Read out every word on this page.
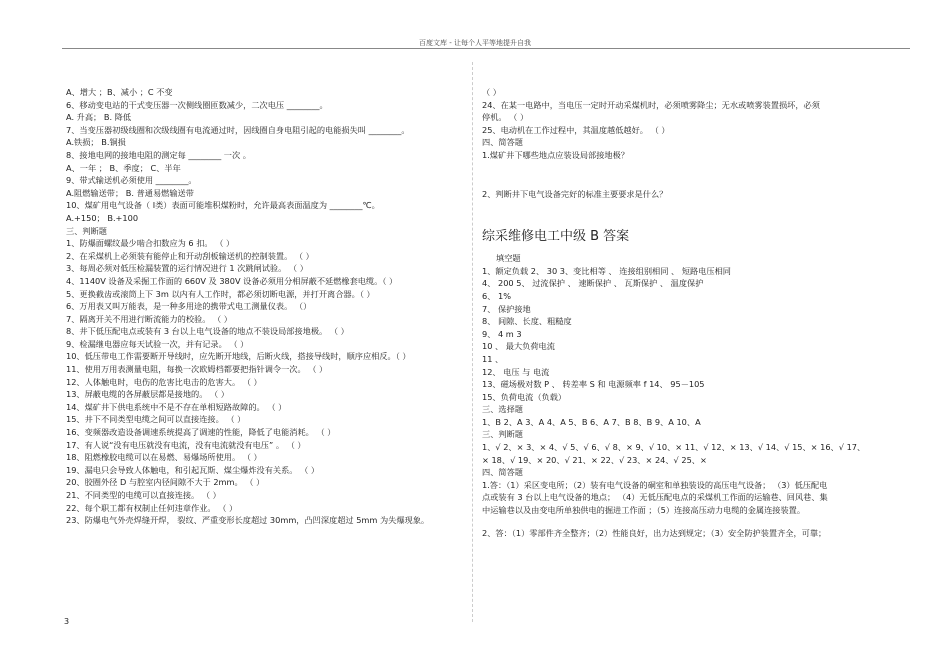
百度文库 - 让每个人平等地提升自我
A、增大 ；B、减小 ；C 不变
6、移动变电站的干式变压器一次侧线圈匝数减少，二次电压 ________。
A. 升高； B. 降低
7、当变压器初级线圈和次级线圈有电流通过时，因线圈自身电阻引起的电能损失叫 ________。
A.铁损； B.铜损
8、接地电网的接地电阻的测定每 ________ 一次 。
A、一年 ； B、季度； C、半年
9、带式输送机必须使用 ________。
A.阻燃输送带； B. 普通易燃输送带
10、煤矿用电气设备（ Ⅰ类）表面可能堆积煤粉时，允许最高表面温度为 ________℃。
A.+150； B.+100
三、判断题
1、防爆面螺纹最少啮合扣数应为 6 扣。 （ ）
2、在采煤机上必须装有能停止和开动刮板输送机的控制装置。 （ ）
3、每周必须对低压检漏装置的运行情况进行 1 次跳闸试验。 （ ）
4、1140V 设备及采掘工作面的 660V 及 380V 设备必须用分相屏蔽不延燃橡套电缆。（ ）
5、更换截齿或滚筒上下 3m 以内有人工作时，都必须切断电源，并打开离合器。（ ）
6、万用表又叫万能表，是一种多用途的携带式电工测量仪表。 （）
7、隔离开关不用进行断流能力的校验。 （ ）
8、井下低压配电点或装有 3 台以上电气设备的地点不装设局部接地极。 （ ）
9、检漏继电器应每天试验一次，并有记录。 （ ）
10、低压带电工作需要断开导线时，应先断开地线，后断火线，搭接导线时，顺序应相反。（ ）
11、使用万用表测量电阻，每换一次欧姆档都要把指针调令一次。 （ ）
12、人体触电时，电伤的危害比电击的危害大。 （ ）
13、屏蔽电缆的各屏蔽层都是接地的。 （ ）
14、煤矿井下供电系统中不是不存在单相短路故障的。 （ ）
15、井下不同类型电缆之间可以直接连接。 （ ）
16、变频器改造设备调速系统提高了调速的性能，降低了电能消耗。 （ ）
17、有人说“没有电压就没有电流，没有电流就没有电压” 。 （ ）
18、阻燃橡胶电缆可以在易燃、易爆场所使用。 （ ）
19、漏电只会导致人体触电，和引起瓦斯、煤尘爆炸没有关系。 （ ）
20、胶圈外径 D 与腔室内径间隙不大于 2mm。 （ ）
21、不同类型的电缆可以直接连接。 （ ）
22、每个职工都有权制止任何违章作业。 （ ）
23、防爆电气外壳焊缝开焊， 裂纹、严重变形长度超过 30mm，凸凹深度超过 5mm 为失爆现象。
（ ）
24、在某一电路中，当电压一定时开动采煤机时，必须喷雾降尘；无水或喷雾装置损坏，必须
停机。 （ ）
25、电动机在工作过程中，其温度越低越好。 （ ）
四、简答题
1.煤矿井下哪些地点应装设局部接地极？
2、判断井下电气设备完好的标准主要要求是什么？
综采维修电工中级 B 答案
填空题
1、额定负载 2、 30 3、变比相等 、 连接组别相同 、 短路电压相同
4、 200 5、 过流保护 、 速断保护 、 瓦斯保护 、 温度保护
6、 1%
7、 保护接地
8、 间隙、长度、粗糙度
9、 4 m 3
10 、 最大负荷电流
11 、
12、 电压 与 电流
13、磁场极对数 P 、 转差率 S 和 电源频率 f 14、 95－105
15、负荷电流（负载）
三、选择题
1、B 2、A 3、A 4、A 5、B 6、A 7、B 8、B 9、A 10、A
三、判断题
1、√ 2、× 3、× 4、√ 5、√ 6、√ 8、× 9、√ 10、× 11、√ 12、× 13、√ 14、√ 15、× 16、√ 17、
× 18、√ 19、× 20、√ 21、× 22、√ 23、× 24、√ 25、×
四、简答题
1.答：（1）采区变电所；（2）装有电气设备的硐室和单独装设的高压电气设备； （3）低压配电
点或装有 3 台以上电气设备的地点； （4）无低压配电点的采煤机工作面的运输巷、回风巷、集
中运输巷以及由变电所单独供电的掘进工作面 ；（5）连接高压动力电缆的金属连接装置。
2、答：（1）零部件齐全整齐；（2）性能良好，出力达到规定；（3）安全防护装置齐全，可靠；
3
